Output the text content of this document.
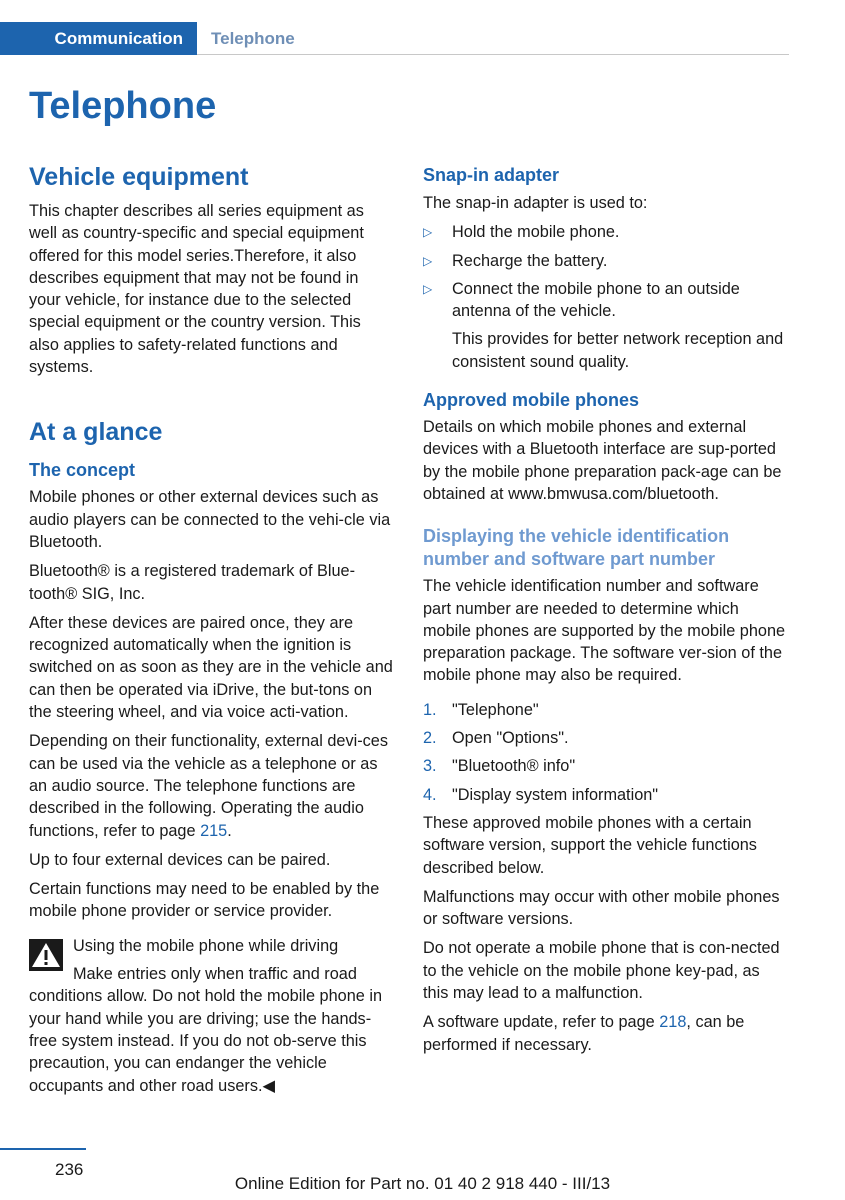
Communication	Telephone
Telephone
Vehicle equipment

This chapter describes all series equipment as well as country-specific and special equipment offered for this model series.Therefore, it also describes equipment that may not be found in your vehicle, for instance due to the selected special equipment or the country version. This also applies to safety-related functions and systems.

At a glance
The concept

Mobile phones or other external devices such as audio players can be connected to the vehi‐cle via Bluetooth.

Bluetooth® is a registered trademark of Blue‐tooth® SIG, Inc.

After these devices are paired once, they are recognized automatically when the ignition is switched on as soon as they are in the vehicle and can then be operated via iDrive, the but‐tons on the steering wheel, and via voice acti‐vation.

Depending on their functionality, external devi‐ces can be used via the vehicle as a telephone or as an audio source. The telephone functions are described in the following. Operating the audio functions, refer to page 215.

Up to four external devices can be paired.

Certain functions may need to be enabled by the mobile phone provider or service provider.

Using the mobile phone while driving
Make entries only when traffic and road conditions allow. Do not hold the mobile phone in your hand while you are driving; use the hands-free system instead. If you do not ob‐serve this precaution, you can endanger the vehicle occupants and other road users.◀
Snap-in adapter

The snap-in adapter is used to:

▷ Hold the mobile phone.
▷ Recharge the battery.
▷ Connect the mobile phone to an outside antenna of the vehicle.
This provides for better network reception and consistent sound quality.
Approved mobile phones

Details on which mobile phones and external devices with a Bluetooth interface are sup‐ported by the mobile phone preparation pack‐age can be obtained at www.bmwusa.com/bluetooth.

Displaying the vehicle identification number and software part number

The vehicle identification number and software part number are needed to determine which mobile phones are supported by the mobile phone preparation package. The software ver‐sion of the mobile phone may also be required.

1. "Telephone"
2. Open "Options".
3. "Bluetooth® info"
4. "Display system information"

These approved mobile phones with a certain software version, support the vehicle functions described below.

Malfunctions may occur with other mobile phones or software versions.

Do not operate a mobile phone that is con‐nected to the vehicle on the mobile phone key‐pad, as this may lead to a malfunction.

A software update, refer to page 218, can be performed if necessary.

236
Online Edition for Part no. 01 40 2 918 440 - III/13
